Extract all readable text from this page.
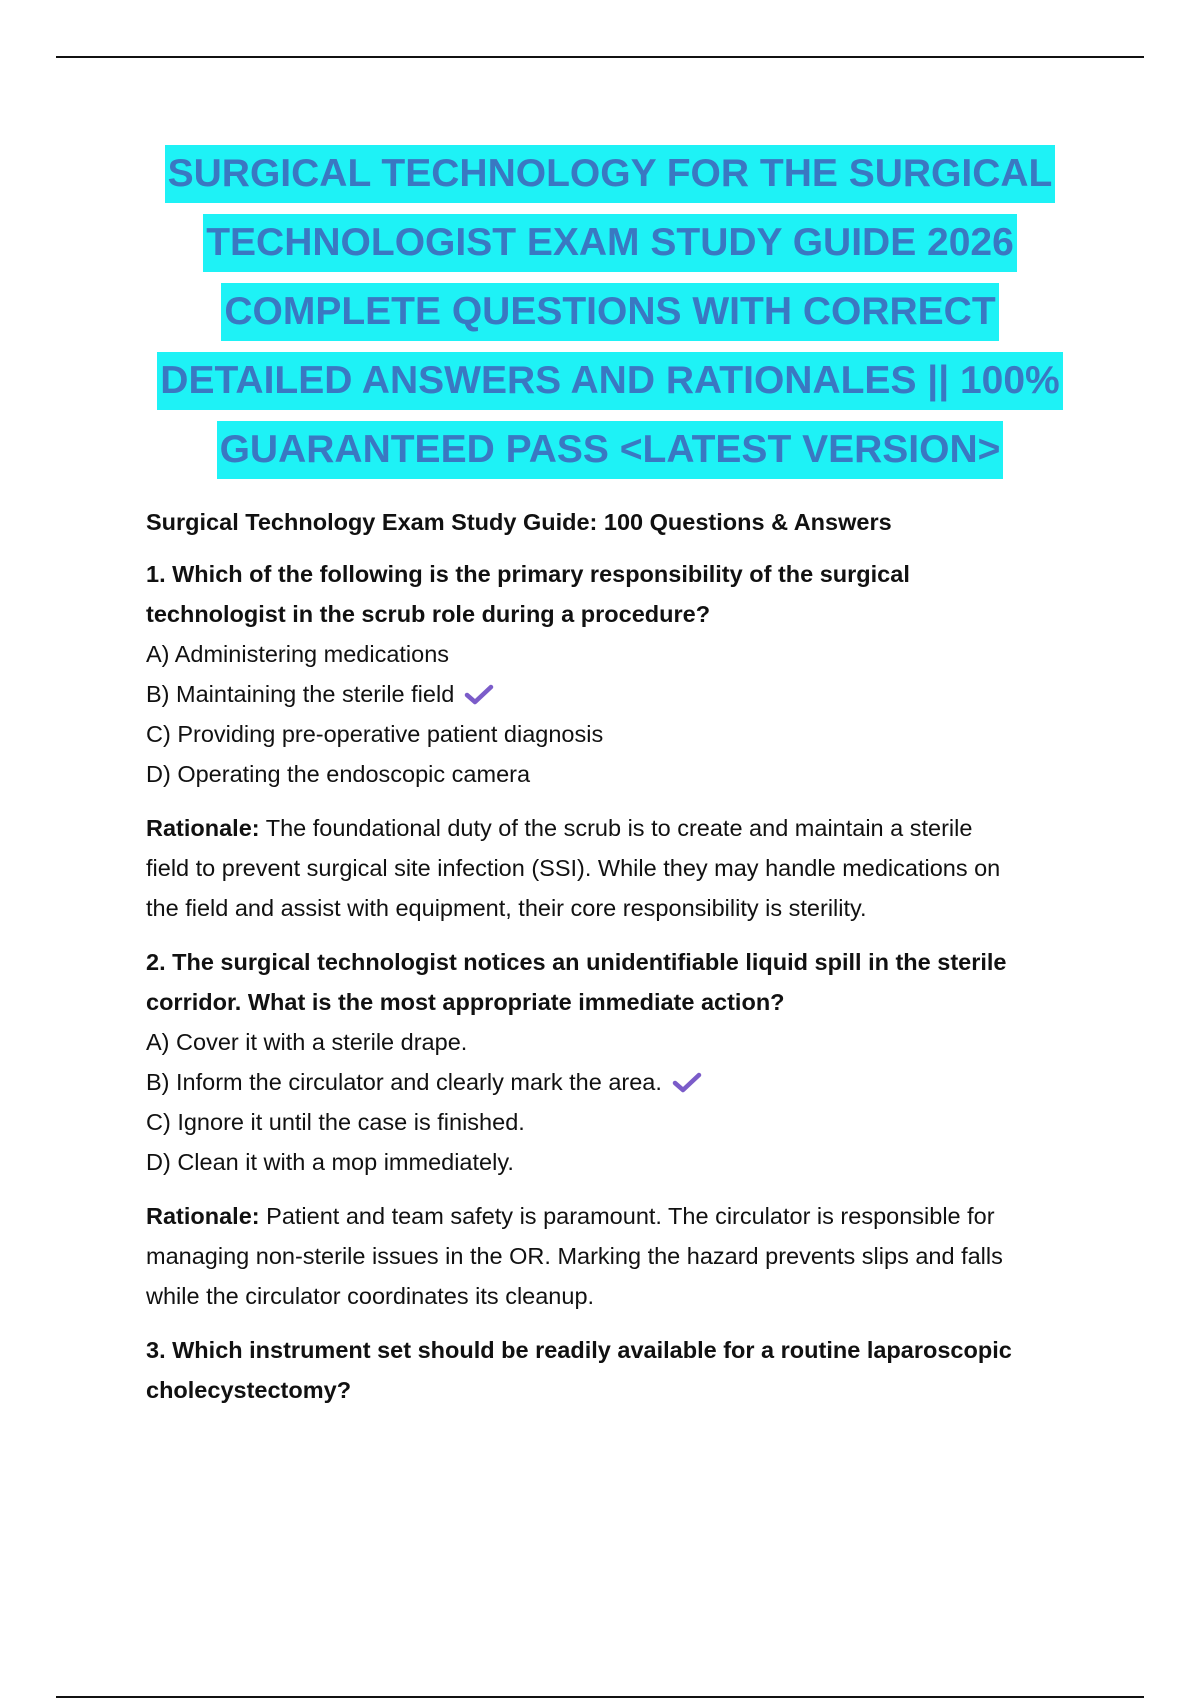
SURGICAL TECHNOLOGY FOR THE SURGICAL
TECHNOLOGIST EXAM STUDY GUIDE 2026
COMPLETE QUESTIONS WITH CORRECT
DETAILED ANSWERS AND RATIONALES || 100%
GUARANTEED PASS <LATEST VERSION>

Surgical Technology Exam Study Guide: 100 Questions & Answers

1. Which of the following is the primary responsibility of the surgical
technologist in the scrub role during a procedure?

A) Administering medications

B) Maintaining the sterile field

C) Providing pre-operative patient diagnosis

D) Operating the endoscopic camera

Rationale: The foundational duty of the scrub is to create and maintain a sterile
field to prevent surgical site infection (SSI). While they may handle medications on
the field and assist with equipment, their core responsibility is sterility.

2. The surgical technologist notices an unidentifiable liquid spill in the sterile
corridor. What is the most appropriate immediate action?

A) Cover it with a sterile drape.

B) Inform the circulator and clearly mark the area.

C) Ignore it until the case is finished.

D) Clean it with a mop immediately.

Rationale: Patient and team safety is paramount. The circulator is responsible for
managing non-sterile issues in the OR. Marking the hazard prevents slips and falls
while the circulator coordinates its cleanup.

3. Which instrument set should be readily available for a routine laparoscopic
cholecystectomy?
